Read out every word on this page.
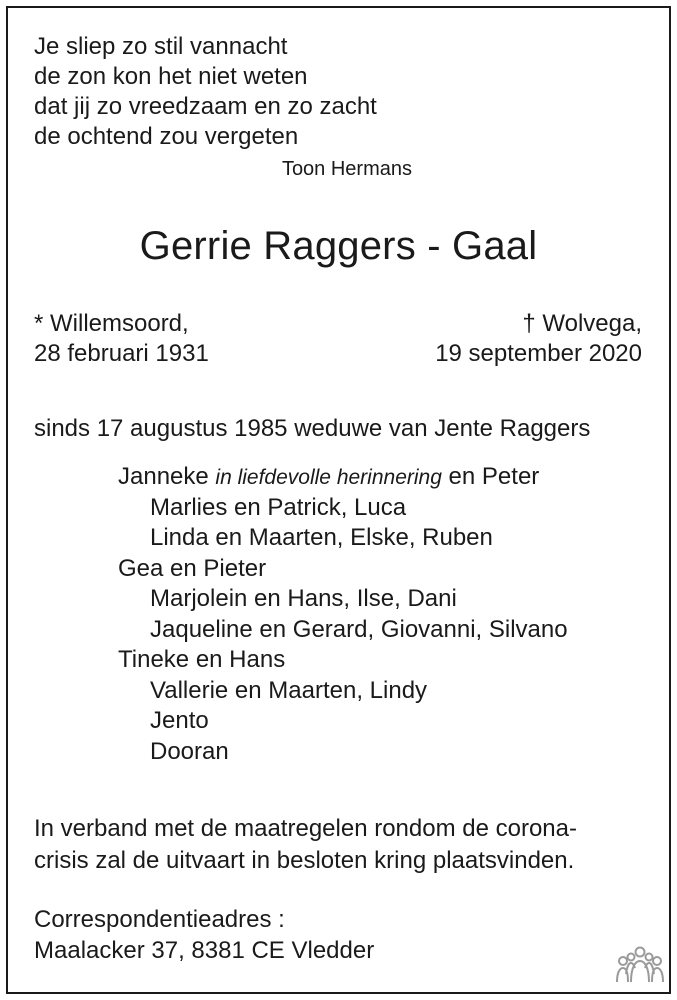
Je sliep zo stil vannacht
de zon kon het niet weten
dat jij zo vreedzaam en zo zacht
de ochtend zou vergeten
Toon Hermans
Gerrie Raggers - Gaal
* Willemsoord,
28 februari 1931
† Wolvega,
19 september 2020
sinds 17 augustus 1985 weduwe van Jente Raggers
Janneke in liefdevolle herinnering en Peter
Marlies en Patrick, Luca
Linda en Maarten, Elske, Ruben
Gea en Pieter
Marjolein en Hans, Ilse, Dani
Jaqueline en Gerard, Giovanni, Silvano
Tineke en Hans
Vallerie en Maarten, Lindy
Jento
Dooran
In verband met de maatregelen rondom de corona-
crisis zal de uitvaart in besloten kring plaatsvinden.
Correspondentieadres :
Maalacker 37, 8381 CE Vledder
